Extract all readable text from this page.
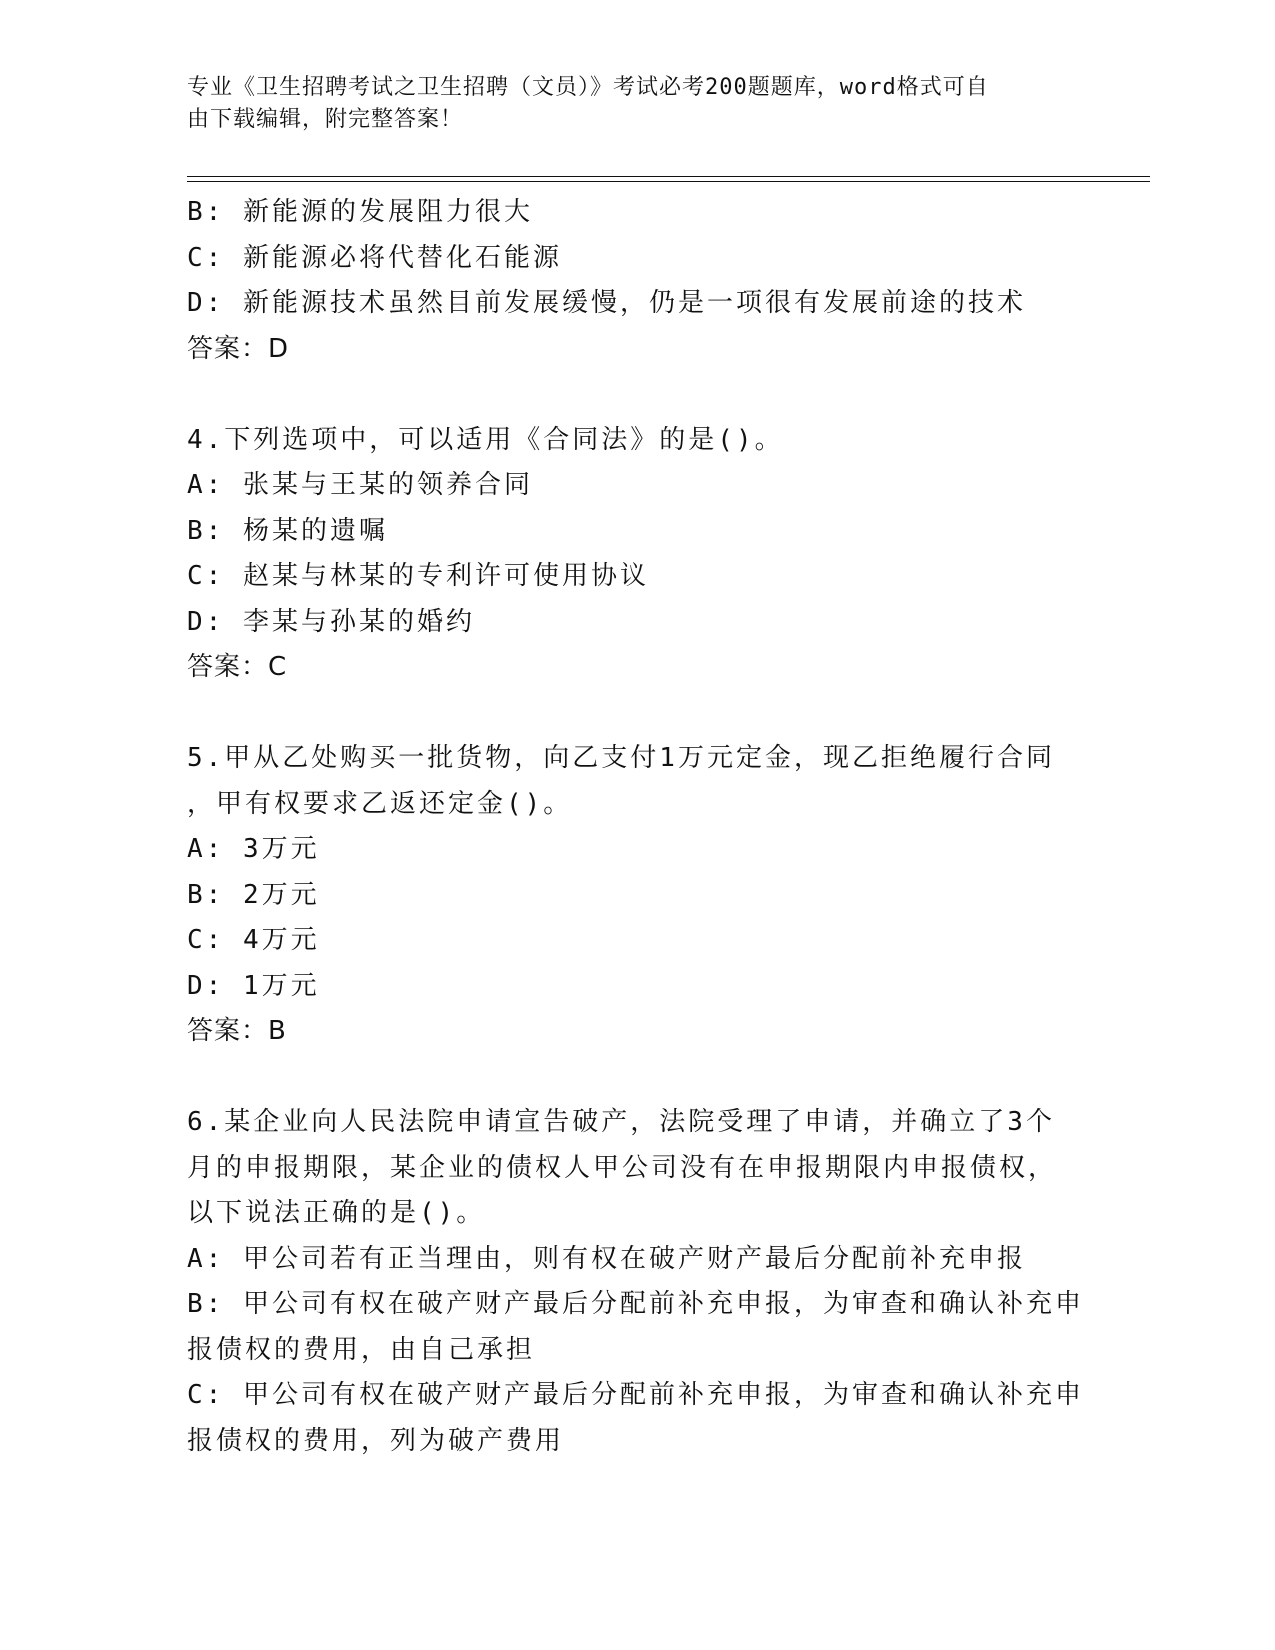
专业《卫生招聘考试之卫生招聘（文员）》考试必考200题题库，word格式可自
由下载编辑，附完整答案！
B: 新能源的发展阻力很大
C: 新能源必将代替化石能源
D: 新能源技术虽然目前发展缓慢，仍是一项很有发展前途的技术
答案：D
4.下列选项中，可以适用《合同法》的是()。
A: 张某与王某的领养合同
B: 杨某的遗嘱
C: 赵某与林某的专利许可使用协议
D: 李某与孙某的婚约
答案：C
5.甲从乙处购买一批货物，向乙支付1万元定金，现乙拒绝履行合同
，甲有权要求乙返还定金()。
A: 3万元
B: 2万元
C: 4万元
D: 1万元
答案：B
6.某企业向人民法院申请宣告破产，法院受理了申请，并确立了3个
月的申报期限，某企业的债权人甲公司没有在申报期限内申报债权，
以下说法正确的是()。
A: 甲公司若有正当理由，则有权在破产财产最后分配前补充申报
B: 甲公司有权在破产财产最后分配前补充申报，为审查和确认补充申
报债权的费用，由自己承担
C: 甲公司有权在破产财产最后分配前补充申报，为审查和确认补充申
报债权的费用，列为破产费用
